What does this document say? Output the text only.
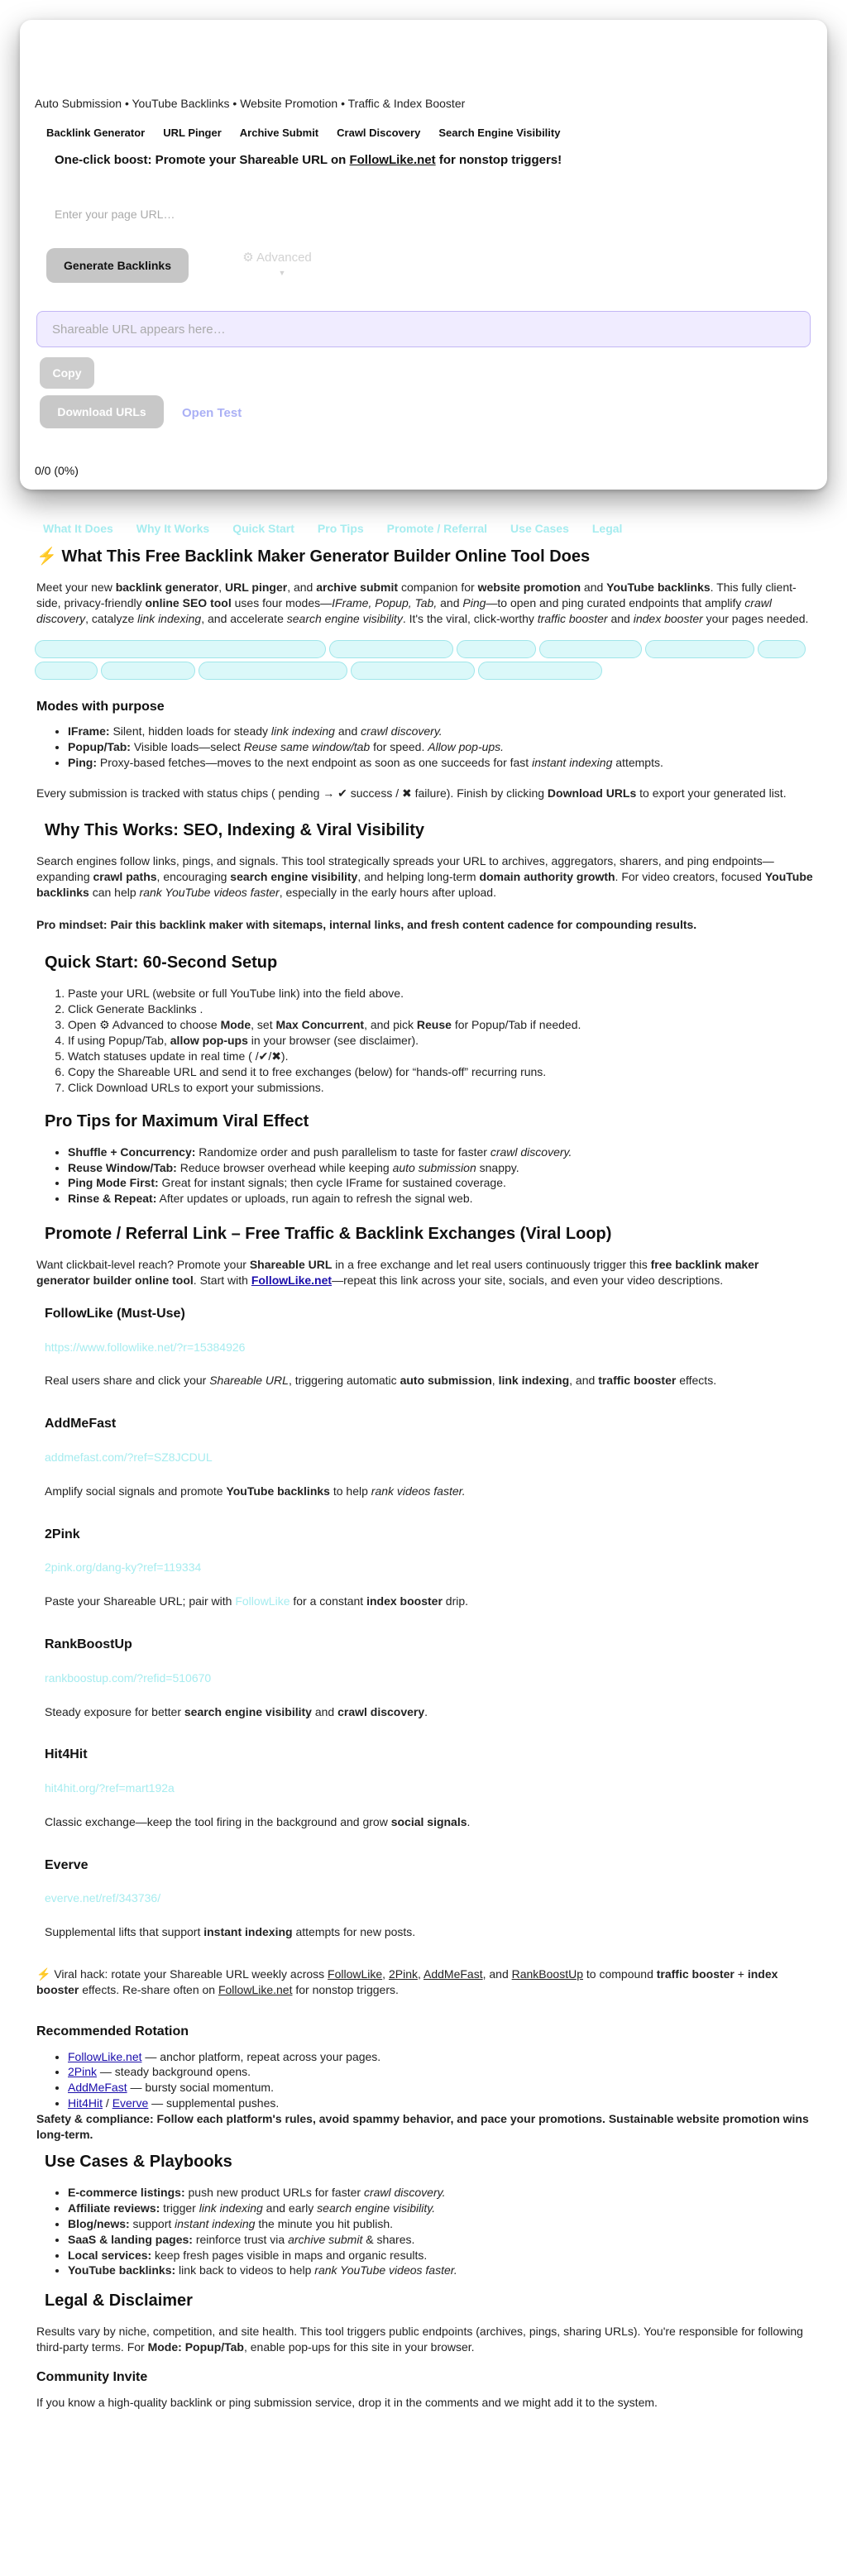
Auto Submission • YouTube Backlinks • Website Promotion • Traffic & Index Booster
Backlink Generator	URL Pinger	Archive Submit	Crawl Discovery	Search Engine Visibility
One-click boost: Promote your Shareable URL on FollowLike.net for nonstop triggers!
Enter your page URL…
Generate Backlinks
⚙ Advanced
▼
Shareable URL appears here…
Copy
Download URLs	Open Test
0/0 (0%)
What It Does Why It Works Quick Start Pro Tips Promote / Referral Use Cases Legal
⚡ What This Free Backlink Maker Generator Builder Online Tool Does

Meet your new backlink generator, URL pinger, and archive submit companion for website promotion and YouTube backlinks. This fully client-side, privacy-friendly online SEO tool uses four modes—IFrame, Popup, Tab, and Ping—to open and ping curated endpoints that amplify crawl discovery, catalyze link indexing, and accelerate search engine visibility. It's the viral, click-worthy traffic booster and index booster your pages needed.

Modes with purpose
• IFrame: Silent, hidden loads for steady link indexing and crawl discovery.
• Popup/Tab: Visible loads—select Reuse same window/tab for speed. Allow pop-ups.
• Ping: Proxy-based fetches—moves to the next endpoint as soon as one succeeds for fast instant indexing attempts.

Every submission is tracked with status chips ( pending → ✔ success / ✖ failure). Finish by clicking Download URLs to export your generated list.

Why This Works: SEO, Indexing & Viral Visibility

Search engines follow links, pings, and signals. This tool strategically spreads your URL to archives, aggregators, sharers, and ping endpoints—expanding crawl paths, encouraging search engine visibility, and helping long-term domain authority growth. For video creators, focused YouTube backlinks can help rank YouTube videos faster, especially in the early hours after upload.

Pro mindset: Pair this backlink maker with sitemaps, internal links, and fresh content cadence for compounding results.

Quick Start: 60-Second Setup
1. Paste your URL (website or full YouTube link) into the field above.
2. Click Generate Backlinks .
3. Open ⚙ Advanced to choose Mode, set Max Concurrent, and pick Reuse for Popup/Tab if needed.
4. If using Popup/Tab, allow pop-ups in your browser (see disclaimer).
5. Watch statuses update in real time ( /✔/✖).
6. Copy the Shareable URL and send it to free exchanges (below) for “hands-off” recurring runs.
7. Click Download URLs to export your submissions.
Pro Tips for Maximum Viral Effect
• Shuffle + Concurrency: Randomize order and push parallelism to taste for faster crawl discovery.
• Reuse Window/Tab: Reduce browser overhead while keeping auto submission snappy.
• Ping Mode First: Great for instant signals; then cycle IFrame for sustained coverage.
• Rinse & Repeat: After updates or uploads, run again to refresh the signal web.
Promote / Referral Link – Free Traffic & Backlink Exchanges (Viral Loop)

Want clickbait-level reach? Promote your Shareable URL in a free exchange and let real users continuously trigger this free backlink maker generator builder online tool. Start with FollowLike.net—repeat this link across your site, socials, and even your video descriptions.

FollowLike (Must-Use)
https://www.followlike.net/?r=15384926
Real users share and click your Shareable URL, triggering automatic auto submission, link indexing, and traffic booster effects.
AddMeFast
addmefast.com/?ref=SZ8JCDUL
Amplify social signals and promote YouTube backlinks to help rank videos faster.
2Pink
2pink.org/dang-ky?ref=119334
Paste your Shareable URL; pair with FollowLike for a constant index booster drip.
RankBoostUp
rankboostup.com/?refid=510670
Steady exposure for better search engine visibility and crawl discovery.
Hit4Hit
hit4hit.org/?ref=mart192a
Classic exchange—keep the tool firing in the background and grow social signals.
Everve
everve.net/ref/343736/
Supplemental lifts that support instant indexing attempts for new posts.

⚡ Viral hack: rotate your Shareable URL weekly across FollowLike, 2Pink, AddMeFast, and RankBoostUp to compound traffic booster + index booster effects. Re-share often on FollowLike.net for nonstop triggers.

Recommended Rotation
• FollowLike.net — anchor platform, repeat across your pages.
• 2Pink — steady background opens.
• AddMeFast — bursty social momentum.
• Hit4Hit / Everve — supplemental pushes.

Safety & compliance: Follow each platform's rules, avoid spammy behavior, and pace your promotions. Sustainable website promotion wins long-term.

Use Cases & Playbooks
• E-commerce listings: push new product URLs for faster crawl discovery.
• Affiliate reviews: trigger link indexing and early search engine visibility.
• Blog/news: support instant indexing the minute you hit publish.
• SaaS & landing pages: reinforce trust via archive submit & shares.
• Local services: keep fresh pages visible in maps and organic results.
• YouTube backlinks: link back to videos to help rank YouTube videos faster.
Legal & Disclaimer

Results vary by niche, competition, and site health. This tool triggers public endpoints (archives, pings, sharing URLs). You're responsible for following third-party terms. For Mode: Popup/Tab, enable pop-ups for this site in your browser.

Community Invite

If you know a high-quality backlink or ping submission service, drop it in the comments and we might add it to the system.
